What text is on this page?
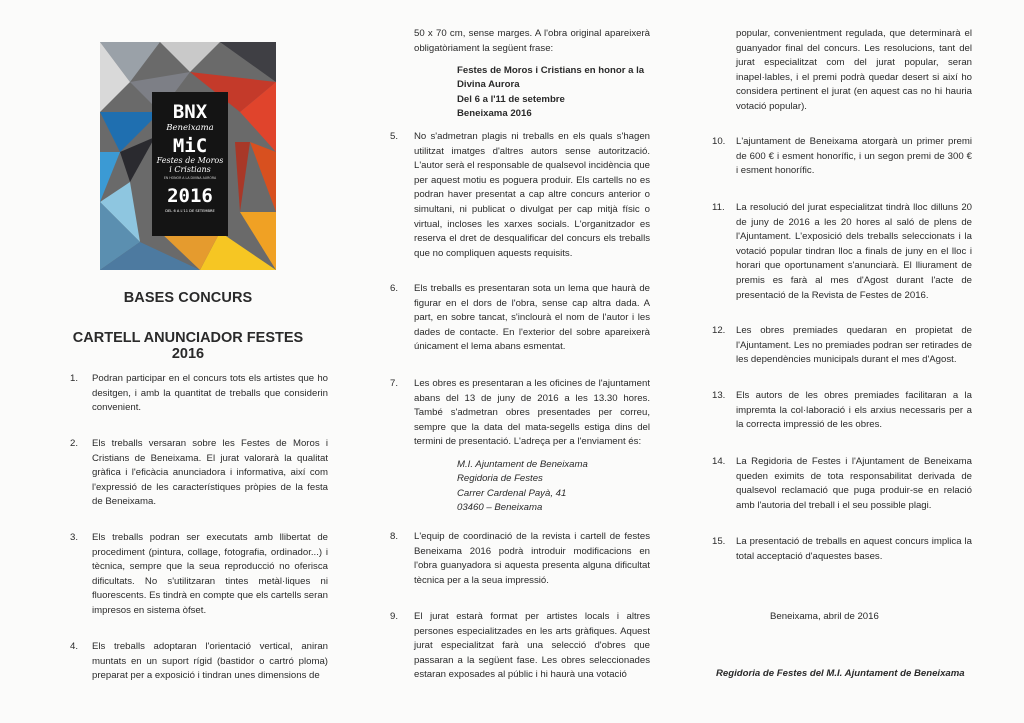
BNX
Beneixama
MiC
Festes de Moros
i Cristians
EN HONOR A LA DIVINA AURORA
2016
DEL 6 A L'11 DE SETEMBRE
BASES CONCURS
CARTELL ANUNCIADOR FESTES 2016
1.	Podran participar en el concurs tots els artistes que ho desitgen, i amb la quantitat de treballs que considerin convenient.
2.	Els treballs versaran sobre les Festes de Moros i Cristians de Beneixama. El jurat valorarà la qualitat gràfica i l'eficàcia anunciadora i informativa, així com l'expressió de les característiques pròpies de la festa de Beneixama.
3.	Els treballs podran ser executats amb llibertat de procediment (pintura, collage, fotografia, ordinador...) i tècnica, sempre que la seua reproducció no oferisca dificultats. No s'utilitzaran tintes metàl·liques ni fluorescents. Es tindrà en compte que els cartells seran impresos en sistema òfset.
4.	Els treballs adoptaran l'orientació vertical, aniran muntats en un suport rígid (bastidor o cartró ploma) preparat per a exposició i tindran unes dimensions de
50 x 70 cm, sense marges. A l'obra original apareixerà obligatòriament la següent frase:
Festes de Moros i Cristians en honor a la
Divina Aurora
Del 6 a l'11 de setembre
Beneixama 2016
5.	No s'admetran plagis ni treballs en els quals s'hagen utilitzat imatges d'altres autors sense autorització. L'autor serà el responsable de qualsevol incidència que per aquest motiu es poguera produir. Els cartells no es podran haver presentat a cap altre concurs anterior o simultani, ni publicat o divulgat per cap mitjà físic o virtual, incloses les xarxes socials. L'organitzador es reserva el dret de desqualificar del concurs els treballs que no compliquen aquests requisits.
6.	Els treballs es presentaran sota un lema que haurà de figurar en el dors de l'obra, sense cap altra dada. A part, en sobre tancat, s'inclourà el nom de l'autor i les dades de contacte. En l'exterior del sobre apareixerà únicament el lema abans esmentat.
7.	Les obres es presentaran a les oficines de l'ajuntament abans del 13 de juny de 2016 a les 13.30 hores. També s'admetran obres presentades per correu, sempre que la data del mata-segells estiga dins del termini de presentació. L'adreça per a l'enviament és:
M.I. Ajuntament de Beneixama
Regidoria de Festes
Carrer Cardenal Payà, 41
03460 – Beneixama
8.	L'equip de coordinació de la revista i cartell de festes Beneixama 2016 podrà introduir modificacions en l'obra guanyadora si aquesta presenta alguna dificultat tècnica per a la seua impressió.
9.	El jurat estarà format per artistes locals i altres persones especialitzades en les arts gràfiques. Aquest jurat especialitzat farà una selecció d'obres que passaran a la següent fase. Les obres seleccionades estaran exposades al públic i hi haurà una votació
popular, convenientment regulada, que determinarà el guanyador final del concurs. Les resolucions, tant del jurat especialitzat com del jurat popular, seran inapel·lables, i el premi podrà quedar desert si així ho considera pertinent el jurat (en aquest cas no hi hauria votació popular).
10.	L'ajuntament de Beneixama atorgarà un primer premi de 600 € i esment honorífic, i un segon premi de 300 € i esment honorífic.
11.	La resolució del jurat especialitzat tindrà lloc dilluns 20 de juny de 2016 a les 20 hores al saló de plens de l'Ajuntament. L'exposició dels treballs seleccionats i la votació popular tindran lloc a finals de juny en el lloc i horari que oportunament s'anunciarà. El lliurament de premis es farà al mes d'Agost durant l'acte de presentació de la Revista de Festes de 2016.
12.	Les obres premiades quedaran en propietat de l'Ajuntament. Les no premiades podran ser retirades de les dependències municipals durant el mes d'Agost.
13.	Els autors de les obres premiades facilitaran a la impremta la col·laboració i els arxius necessaris per a la correcta impressió de les obres.
14.	La Regidoria de Festes i l'Ajuntament de Beneixama queden eximits de tota responsabilitat derivada de qualsevol reclamació que puga produir-se en relació amb l'autoria del treball i el seu possible plagi.
15.	La presentació de treballs en aquest concurs implica la total acceptació d'aquestes bases.
Beneixama, abril de 2016
Regidoria de Festes del M.I. Ajuntament de Beneixama
